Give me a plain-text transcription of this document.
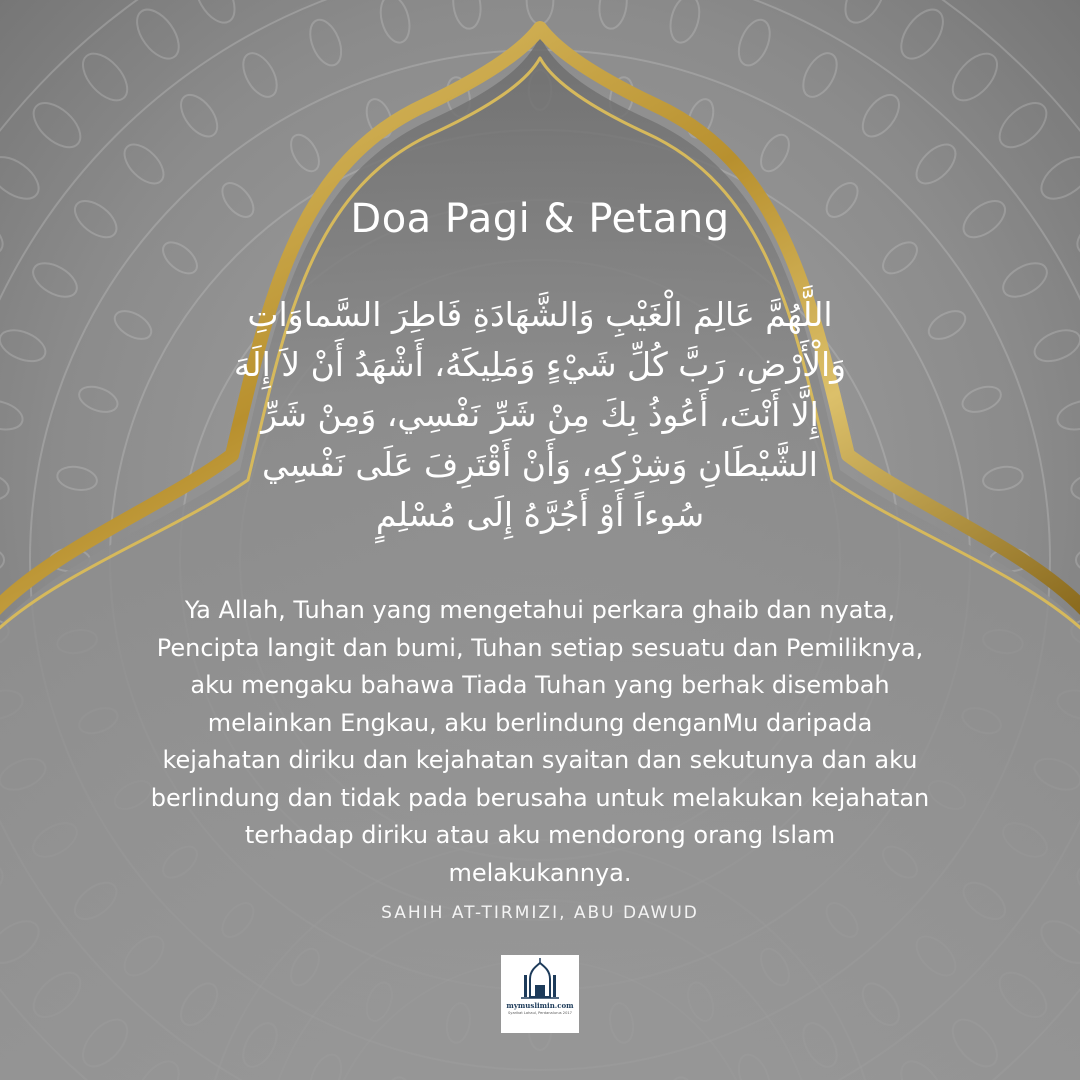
Doa Pagi & Petang
اللَّهُمَّ عَالِمَ الْغَيْبِ وَالشَّهَادَةِ فَاطِرَ السَّماوَاتِ وَالْأَرْضِ، رَبَّ كُلِّ شَيْءٍ وَمَلِيكَهُ، أَشْهَدُ أَنْ لاَ إِلَهَ إِلَّا أَنْتَ، أَعُوذُ بِكَ مِنْ شَرِّ نَفْسِي، وَمِنْ شَرِّ الشَّيْطَانِ وَشِرْكِهِ، وَأَنْ أَقْتَرِفَ عَلَى نَفْسِي سُوءاً أَوْ أَجُرَّهُ إِلَى مُسْلِمٍ
Ya Allah, Tuhan yang mengetahui perkara ghaib dan nyata, Pencipta langit dan bumi, Tuhan setiap sesuatu dan Pemiliknya, aku mengaku bahawa Tiada Tuhan yang berhak disembah melainkan Engkau, aku berlindung denganMu daripada kejahatan diriku dan kejahatan syaitan dan sekutunya dan aku berlindung dan tidak pada berusaha untuk melakukan kejahatan terhadap diriku atau aku mendorong orang Islam melakukannya.
SAHIH AT-TIRMIZI, ABU DAWUD
mymuslimin.com
Syarikat Lahaul, Perdanalurus 2017
